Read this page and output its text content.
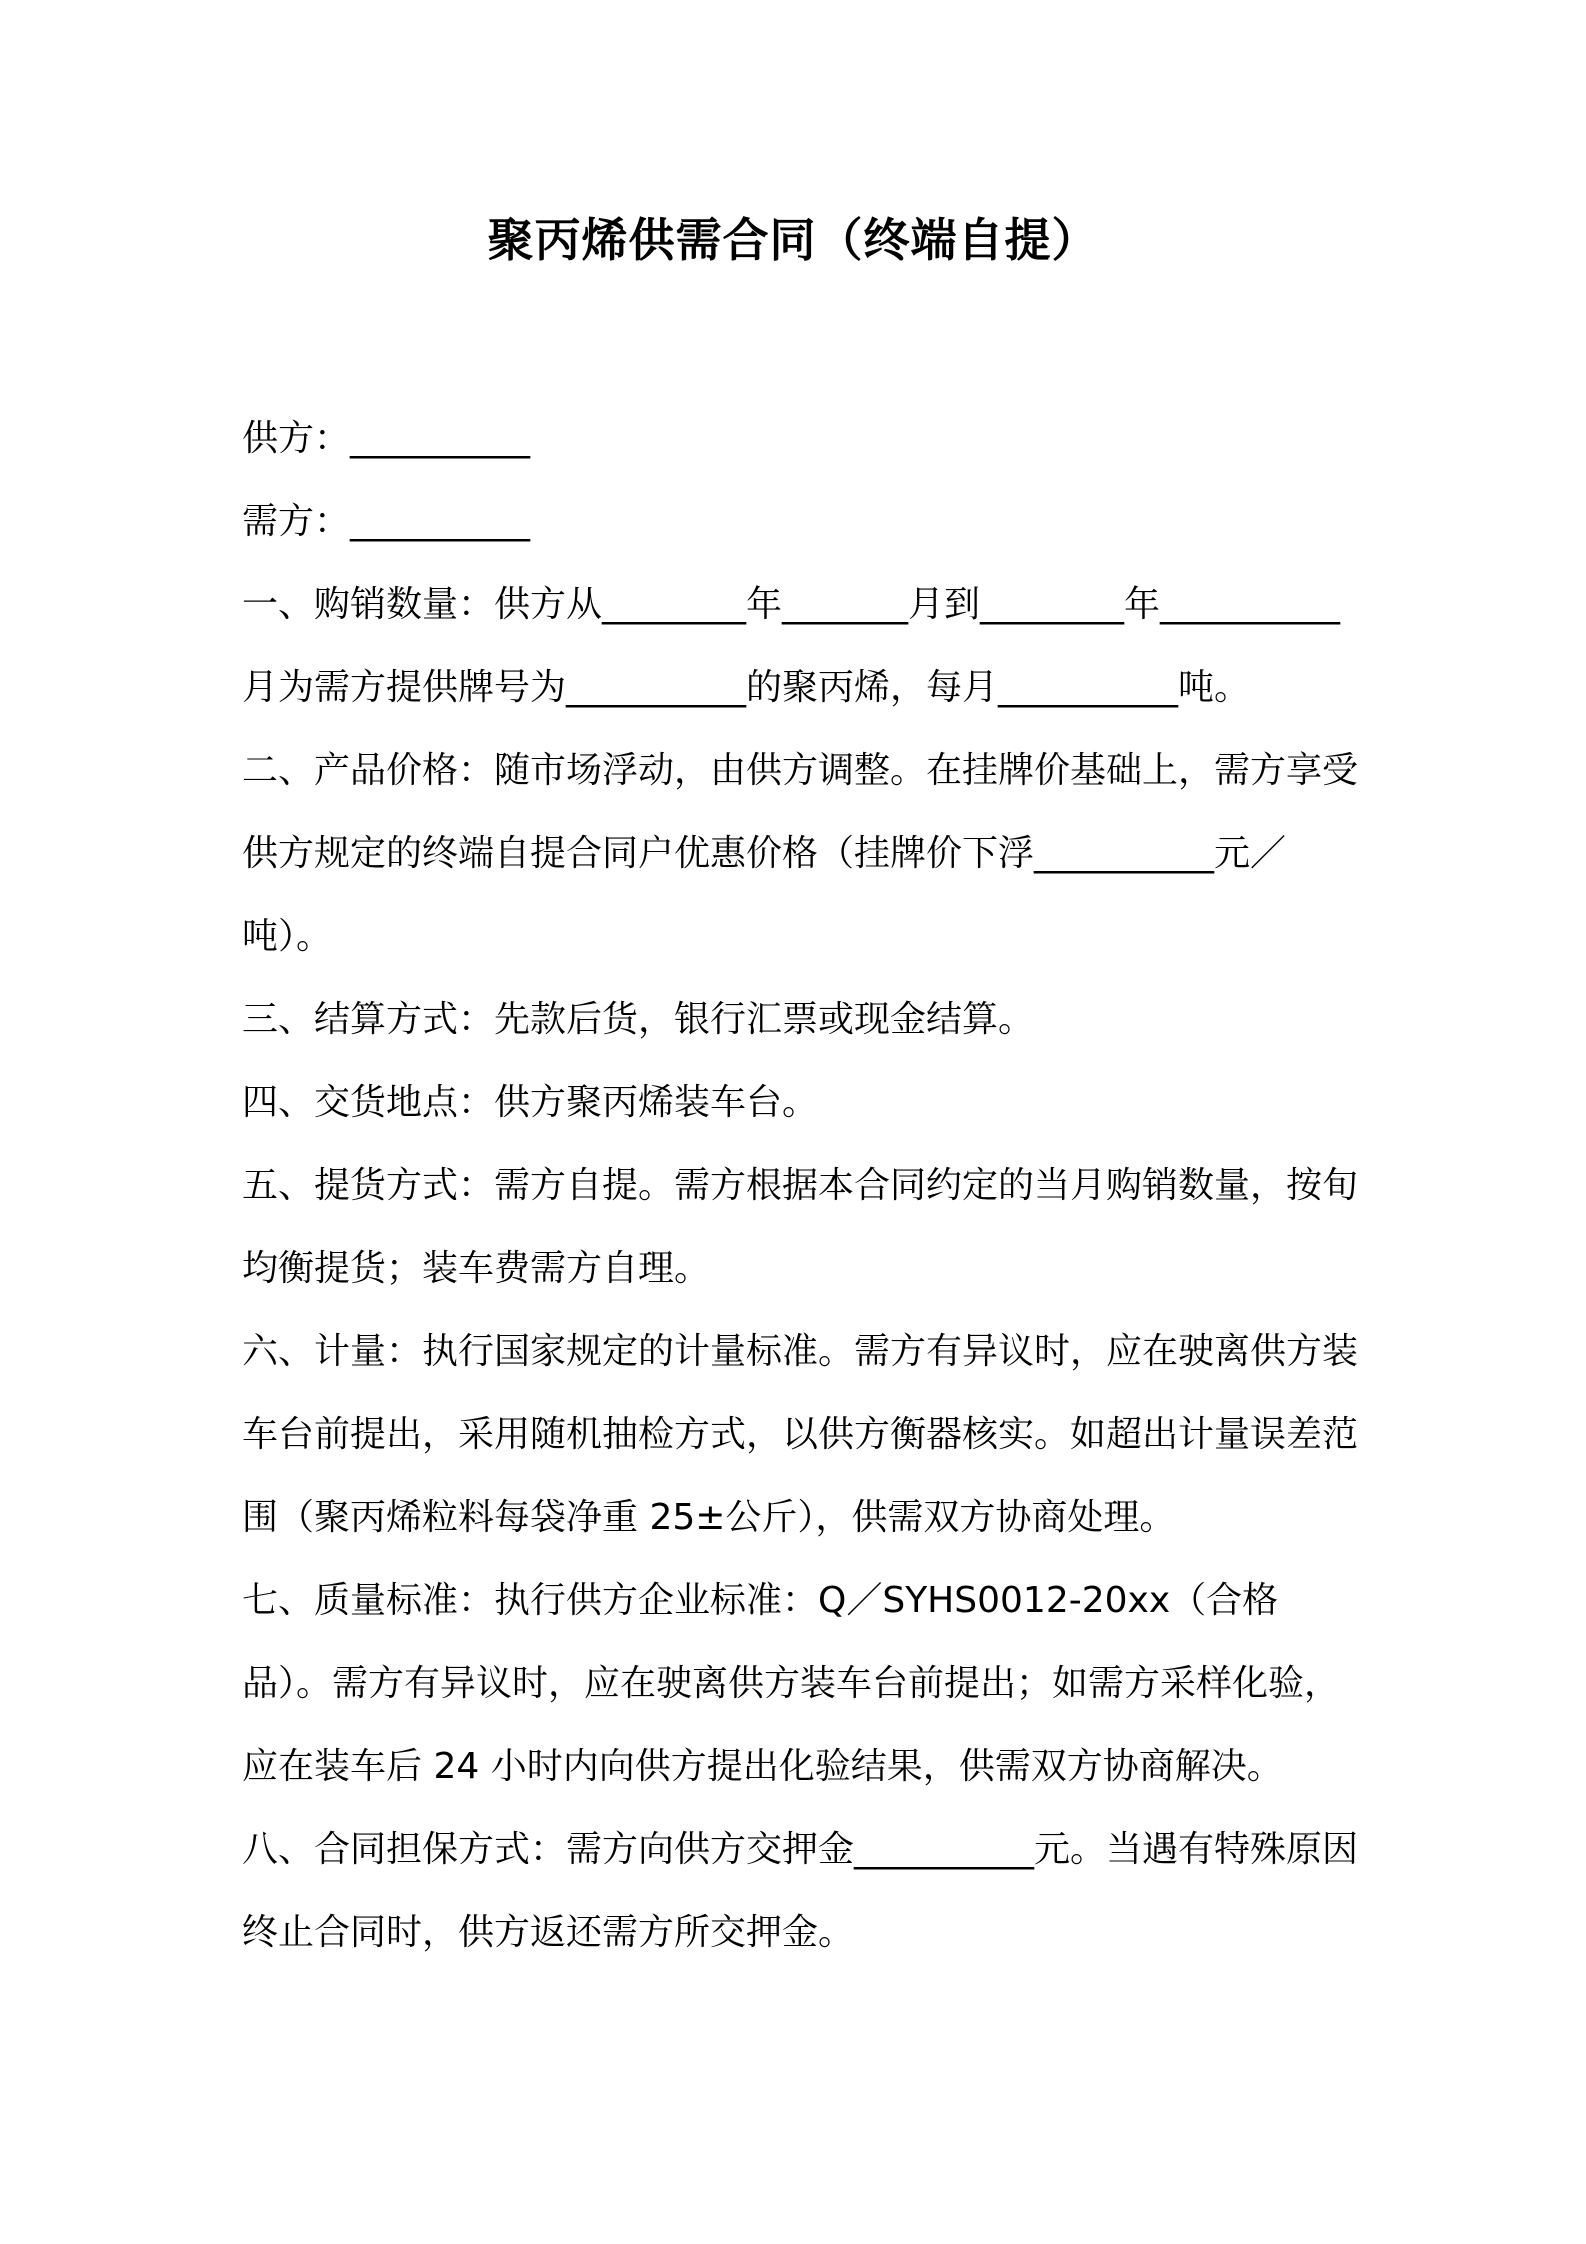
聚丙烯供需合同（终端自提）

供方：__________

需方：__________

一、购销数量：供方从________年_______月到________年__________月为需方提供牌号为__________的聚丙烯，每月__________吨。

二、产品价格：随市场浮动，由供方调整。在挂牌价基础上，需方享受供方规定的终端自提合同户优惠价格（挂牌价下浮__________元／吨）。

三、结算方式：先款后货，银行汇票或现金结算。

四、交货地点：供方聚丙烯装车台。

五、提货方式：需方自提。需方根据本合同约定的当月购销数量，按旬均衡提货；装车费需方自理。

六、计量：执行国家规定的计量标准。需方有异议时，应在驶离供方装车台前提出，采用随机抽检方式，以供方衡器核实。如超出计量误差范围（聚丙烯粒料每袋净重 25±公斤），供需双方协商处理。

七、质量标准：执行供方企业标准：Q／SYHS0012-20xx（合格品）。需方有异议时，应在驶离供方装车台前提出；如需方采样化验，应在装车后 24 小时内向供方提出化验结果，供需双方协商解决。

八、合同担保方式：需方向供方交押金__________元。当遇有特殊原因终止合同时，供方返还需方所交押金。
